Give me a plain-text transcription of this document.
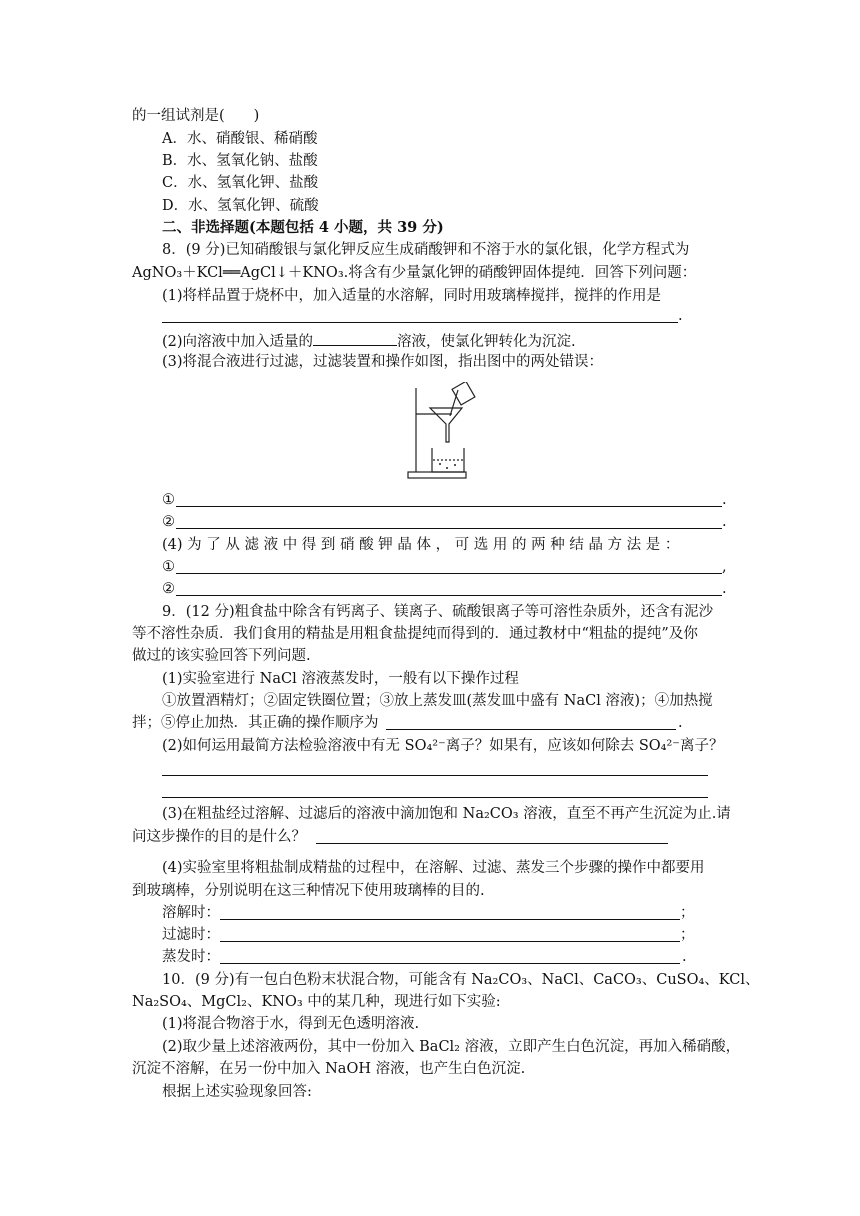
的一组试剂是(　　)
A．水、硝酸银、稀硝酸
B．水、氢氧化钠、盐酸
C．水、氢氧化钾、盐酸
D．水、氢氧化钾、硫酸
二、非选择题(本题包括 4 小题，共 39 分)
8．(9 分)已知硝酸银与氯化钾反应生成硝酸钾和不溶于水的氯化银，化学方程式为
AgNO₃＋KCl══AgCl↓＋KNO₃.将含有少量氯化钾的硝酸钾固体提纯．回答下列问题：
(1)将样品置于烧杯中，加入适量的水溶解，同时用玻璃棒搅拌，搅拌的作用是
.
(2)向溶液中加入适量的	溶液，使氯化钾转化为沉淀.
(3)将混合液进行过滤，过滤装置和操作如图，指出图中的两处错误：
①	.
②	.
(4) 为 了 从 滤 液 中 得 到 硝 酸 钾 晶 体 ， 可 选 用 的 两 种 结 晶 方 法 是 ：
①	,
②	.
9．(12 分)粗食盐中除含有钙离子、镁离子、硫酸银离子等可溶性杂质外，还含有泥沙
等不溶性杂质．我们食用的精盐是用粗食盐提纯而得到的．通过教材中“粗盐的提纯”及你
做过的该实验回答下列问题.
(1)实验室进行 NaCl 溶液蒸发时，一般有以下操作过程
①放置酒精灯；②固定铁圈位置；③放上蒸发皿(蒸发皿中盛有 NaCl 溶液)；④加热搅
拌；⑤停止加热．其正确的操作顺序为	.
(2)如何运用最简方法检验溶液中有无 SO₄²⁻离子？如果有，应该如何除去 SO₄²⁻离子？
(3)在粗盐经过溶解、过滤后的溶液中滴加饱和 Na₂CO₃ 溶液，直至不再产生沉淀为止.请
问这步操作的目的是什么？
(4)实验室里将粗盐制成精盐的过程中，在溶解、过滤、蒸发三个步骤的操作中都要用
到玻璃棒，分别说明在这三种情况下使用玻璃棒的目的.
溶解时：	；
过滤时：	；
蒸发时：	.
10．(9 分)有一包白色粉末状混合物，可能含有 Na₂CO₃、NaCl、CaCO₃、CuSO₄、KCl、
Na₂SO₄、MgCl₂、KNO₃ 中的某几种，现进行如下实验:
(1)将混合物溶于水，得到无色透明溶液.
(2)取少量上述溶液两份，其中一份加入 BaCl₂ 溶液，立即产生白色沉淀，再加入稀硝酸，
沉淀不溶解，在另一份中加入 NaOH 溶液，也产生白色沉淀.
根据上述实验现象回答:
